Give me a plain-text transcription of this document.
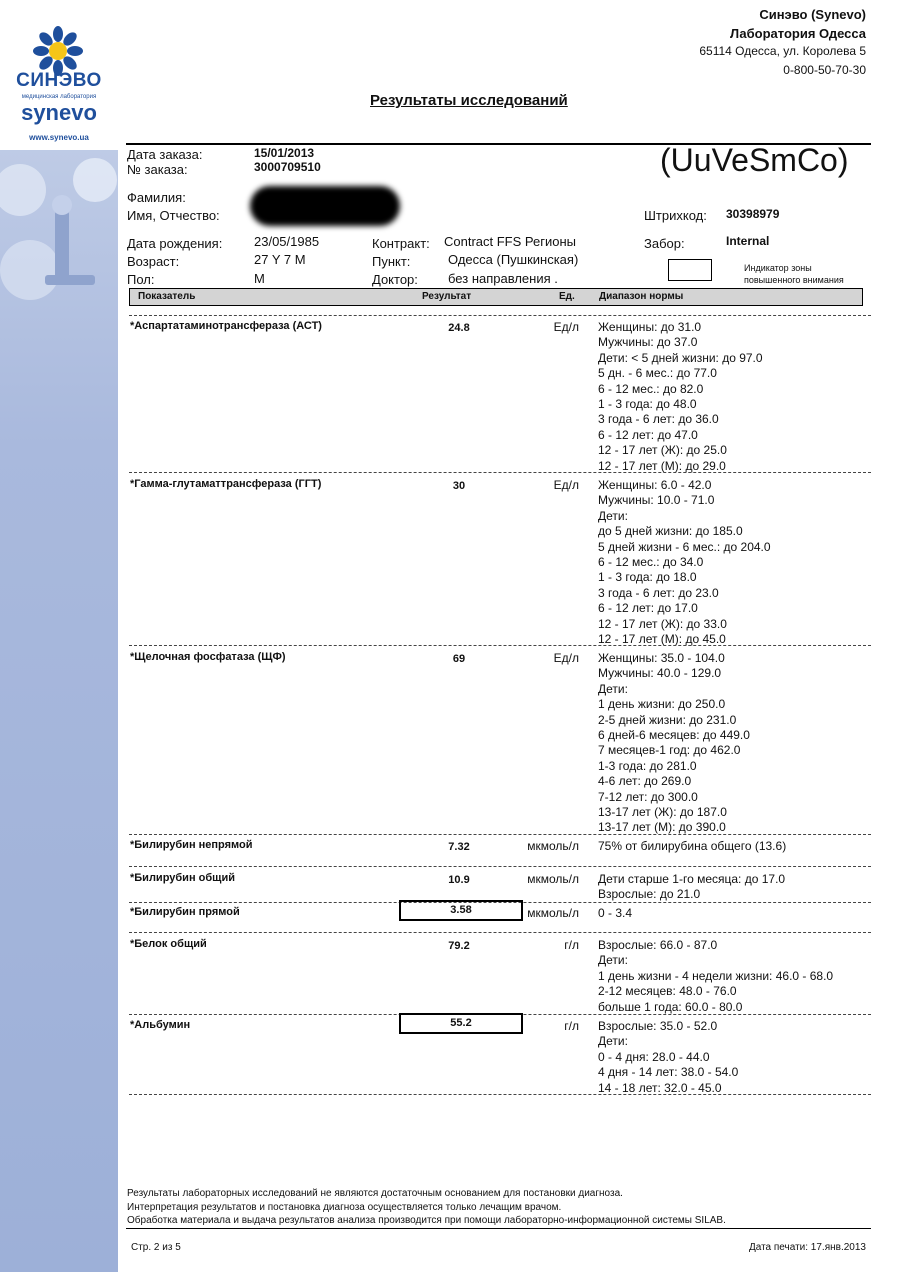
СИНЭВО
медицинская лаборатория
synevo
www.synevo.ua
Синэво (Synevo)
Лаборатория Одесса
65114 Одесса, ул. Королева 5
0-800-50-70-30
Результаты исследований
Дата заказа:	15/01/2013
№ заказа:	3000709510	(UuVeSmCo)
Фамилия:
Имя, Отчество:	Штрихкод: 30398979
Дата рождения: 23/05/1985
Возраст:	27 Y 7 M
Пол:	M
Контракт: Contract FFS Регионы
Пункт:	Одесса (Пушкинская)
Доктор: без направления .
Забор:	Internal
Индикатор зоны повышенного внимания
Показатель	Результат	Ед. Диапазон нормы
*Аспартатаминотрансфераза (АСТ)	24.8	Ед/л Женщины: до 31.0
Мужчины: до 37.0
Дети: < 5 дней жизни: до 97.0
5 дн. - 6 мес.: до 77.0
6 - 12 мес.: до 82.0
1 - 3 года: до 48.0
3 года - 6 лет: до 36.0
6 - 12 лет: до 47.0
12 - 17 лет (Ж): до 25.0
12 - 17 лет (М): до 29.0
*Гамма-глутаматтрансфераза (ГГТ)	30	Ед/л Женщины: 6.0 - 42.0
Мужчины: 10.0 - 71.0
Дети:
до 5 дней жизни: до 185.0
5 дней жизни - 6 мес.: до 204.0
6 - 12 мес.: до 34.0
1 - 3 года: до 18.0
3 года - 6 лет: до 23.0
6 - 12 лет: до 17.0
12 - 17 лет (Ж): до 33.0
12 - 17 лет (М): до 45.0
*Щелочная фосфатаза (ЩФ)	69	Ед/л Женщины: 35.0 - 104.0
Мужчины: 40.0 - 129.0
Дети:
1 день жизни: до 250.0
2-5 дней жизни: до 231.0
6 дней-6 месяцев: до 449.0
7 месяцев-1 год: до 462.0
1-3 года: до 281.0
4-6 лет: до 269.0
7-12 лет: до 300.0
13-17 лет (Ж): до 187.0
13-17 лет (М): до 390.0
*Билирубин непрямой	7.32	мкмоль/л 75% от билирубина общего (13.6)
*Билирубин общий	10.9	мкмоль/л Дети старше 1-го месяца: до 17.0
Взрослые: до 21.0
*Билирубин прямой	3.58	мкмоль/л 0 - 3.4
*Белок общий	79.2	г/л Взрослые: 66.0 - 87.0
Дети:
1 день жизни - 4 недели жизни: 46.0 - 68.0
2-12 месяцев: 48.0 - 76.0
больше 1 года: 60.0 - 80.0
*Альбумин	55.2	г/л Взрослые: 35.0 - 52.0
Дети:
0 - 4 дня: 28.0 - 44.0
4 дня - 14 лет: 38.0 - 54.0
14 - 18 лет: 32.0 - 45.0
Результаты лабораторных исследований не являются достаточным основанием для постановки диагноза.
Интерпретация результатов и постановка диагноза осуществляется только лечащим врачом.
Обработка материала и выдача результатов анализа производится при помощи лабораторно-информационной системы SILAB.
Стр. 2 из 5	Дата печати: 17.янв.2013
